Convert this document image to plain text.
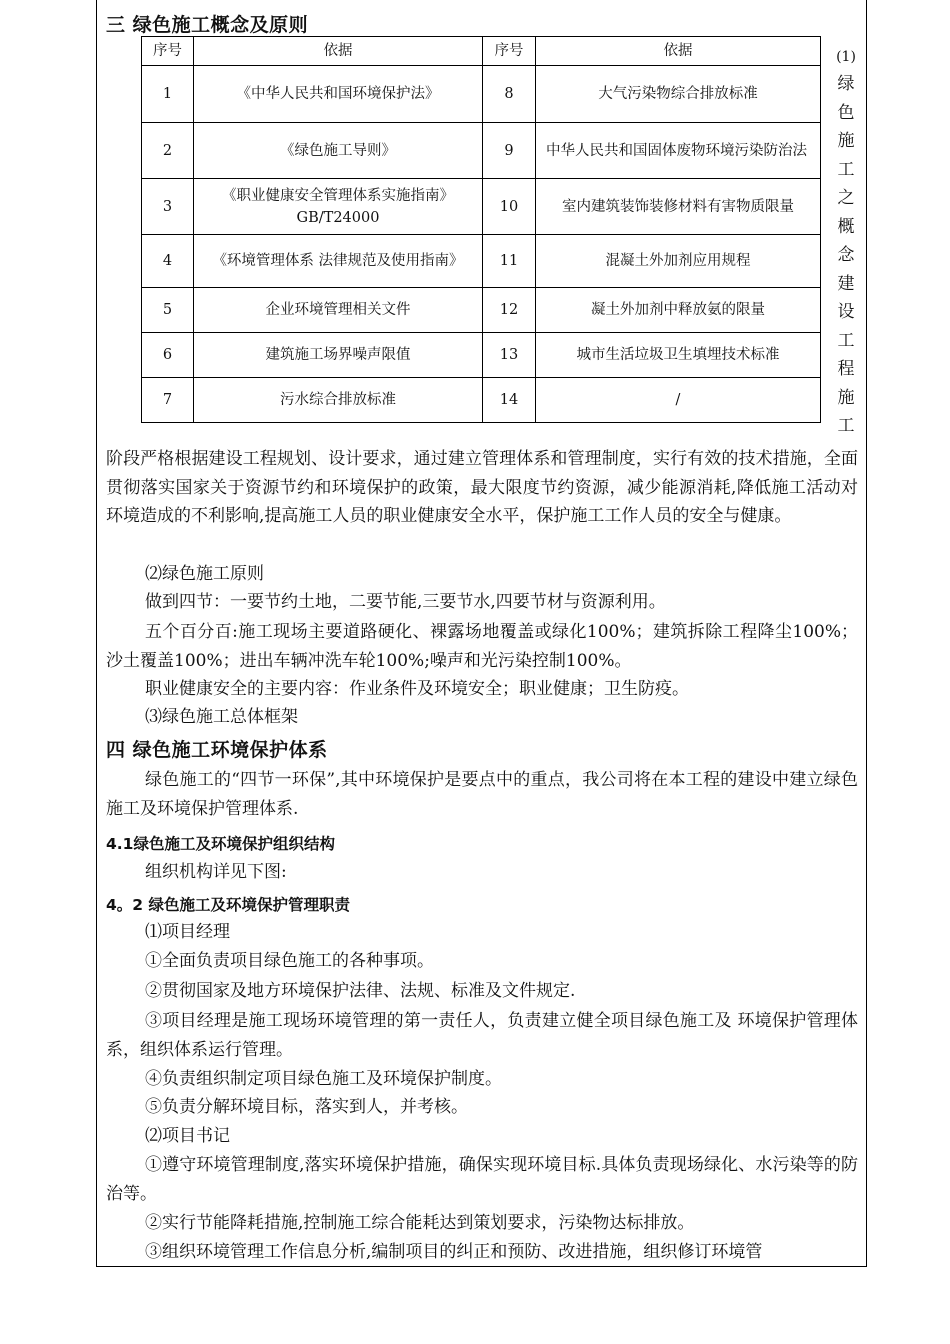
三 绿色施工概念及原则
序号	依据	序号	依据
1	《中华人民共和国环境保护法》	8	大气污染物综合排放标准
2	《绿色施工导则》	9	中华人民共和国固体废物环境污染防治法
3	《职业健康安全管理体系实施指南》GB/T24000	10	室内建筑装饰装修材料有害物质限量
4	《环境管理体系 法律规范及使用指南》	11	混凝土外加剂应用规程
5	企业环境管理相关文件	12	凝土外加剂中释放氨的限量
6	建筑施工场界噪声限值	13	城市生活垃圾卫生填埋技术标准
7	污水综合排放标准	14	/
(1)
绿
色
施
工
之
概
念
建
设
工
程
施
工
阶段严格根据建设工程规划、设计要求，通过建立管理体系和管理制度，实行有效的技术措施，全面贯彻落实国家关于资源节约和环境保护的政策，最大限度节约资源，减少能源消耗,降低施工活动对环境造成的不利影响,提高施工人员的职业健康安全水平，保护施工工作人员的安全与健康。
⑵绿色施工原则
做到四节：一要节约土地，二要节能,三要节水,四要节材与资源利用。
五个百分百:施工现场主要道路硬化、裸露场地覆盖或绿化100%；建筑拆除工程降尘100%；沙土覆盖100%；进出车辆冲洗车轮100%;噪声和光污染控制100%。
职业健康安全的主要内容：作业条件及环境安全；职业健康；卫生防疫。
⑶绿色施工总体框架
四 绿色施工环境保护体系
绿色施工的“四节一环保”,其中环境保护是要点中的重点，我公司将在本工程的建设中建立绿色施工及环境保护管理体系.
4.1绿色施工及环境保护组织结构
组织机构详见下图:
4。2 绿色施工及环境保护管理职责
⑴项目经理
①全面负责项目绿色施工的各种事项。
②贯彻国家及地方环境保护法律、法规、标准及文件规定.
③项目经理是施工现场环境管理的第一责任人，负责建立健全项目绿色施工及 环境保护管理体系，组织体系运行管理。
④负责组织制定项目绿色施工及环境保护制度。
⑤负责分解环境目标，落实到人，并考核。
⑵项目书记
①遵守环境管理制度,落实环境保护措施，确保实现环境目标.具体负责现场绿化、水污染等的防治等。
②实行节能降耗措施,控制施工综合能耗达到策划要求，污染物达标排放。
③组织环境管理工作信息分析,编制项目的纠正和预防、改进措施，组织修订环境管
